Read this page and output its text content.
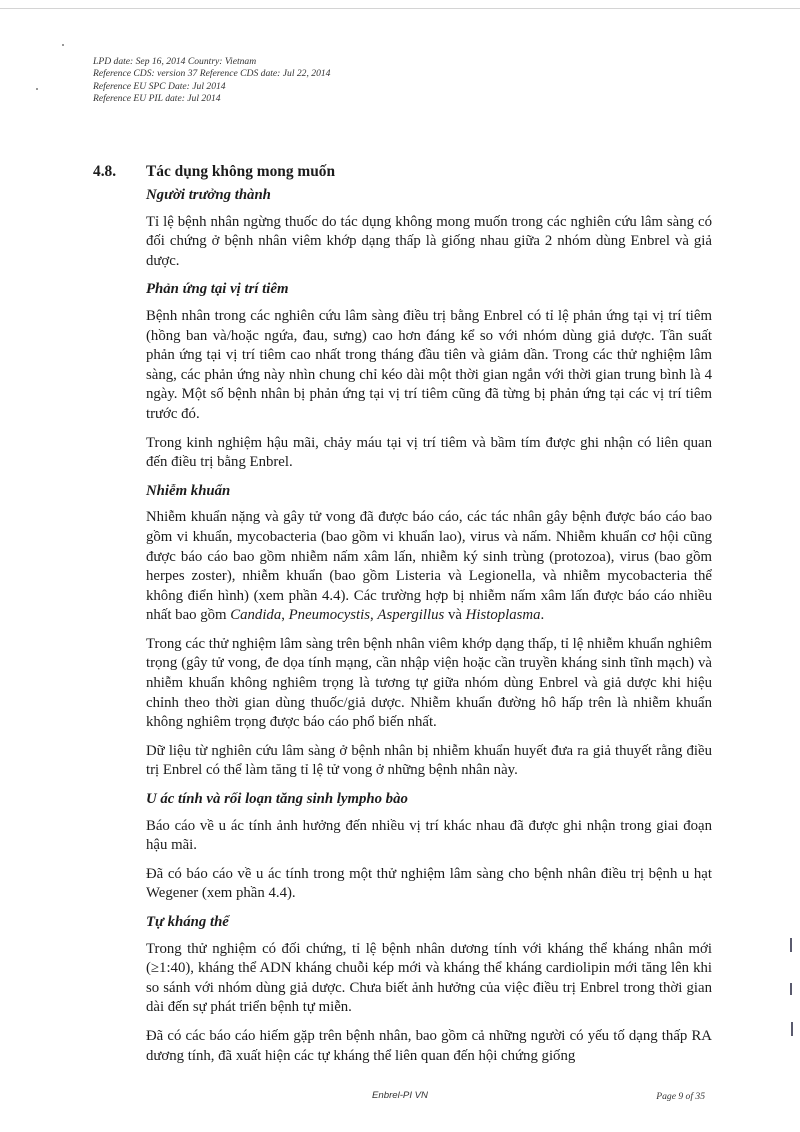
LPD date: Sep 16, 2014 Country: Vietnam
Reference CDS: version 37 Reference CDS date: Jul 22, 2014
Reference EU SPC Date: Jul 2014
Reference EU PIL date: Jul 2014
4.8. Tác dụng không mong muốn
Người trưởng thành
Tỉ lệ bệnh nhân ngừng thuốc do tác dụng không mong muốn trong các nghiên cứu lâm sàng có đối chứng ở bệnh nhân viêm khớp dạng thấp là giống nhau giữa 2 nhóm dùng Enbrel và giả dược.
Phản ứng tại vị trí tiêm
Bệnh nhân trong các nghiên cứu lâm sàng điều trị bằng Enbrel có tỉ lệ phản ứng tại vị trí tiêm (hồng ban và/hoặc ngứa, đau, sưng) cao hơn đáng kể so với nhóm dùng giả dược. Tần suất phản ứng tại vị trí tiêm cao nhất trong tháng đầu tiên và giảm dần. Trong các thử nghiệm lâm sàng, các phản ứng này nhìn chung chỉ kéo dài một thời gian ngắn với thời gian trung bình là 4 ngày. Một số bệnh nhân bị phản ứng tại vị trí tiêm cũng đã từng bị phản ứng tại các vị trí tiêm trước đó.
Trong kinh nghiệm hậu mãi, chảy máu tại vị trí tiêm và bầm tím được ghi nhận có liên quan đến điều trị bằng Enbrel.
Nhiễm khuẩn
Nhiễm khuẩn nặng và gây tử vong đã được báo cáo, các tác nhân gây bệnh được báo cáo bao gồm vi khuẩn, mycobacteria (bao gồm vi khuẩn lao), virus và nấm. Nhiễm khuẩn cơ hội cũng được báo cáo bao gồm nhiễm nấm xâm lấn, nhiễm ký sinh trùng (protozoa), virus (bao gồm herpes zoster), nhiễm khuẩn (bao gồm Listeria và Legionella, và nhiễm mycobacteria thể không điển hình) (xem phần 4.4). Các trường hợp bị nhiễm nấm xâm lấn được báo cáo nhiều nhất bao gồm Candida, Pneumocystis, Aspergillus và Histoplasma.
Trong các thử nghiệm lâm sàng trên bệnh nhân viêm khớp dạng thấp, tỉ lệ nhiễm khuẩn nghiêm trọng (gây tử vong, đe dọa tính mạng, cần nhập viện hoặc cần truyền kháng sinh tĩnh mạch) và nhiễm khuẩn không nghiêm trọng là tương tự giữa nhóm dùng Enbrel và giả dược khi hiệu chỉnh theo thời gian dùng thuốc/giả dược. Nhiễm khuẩn đường hô hấp trên là nhiễm khuẩn không nghiêm trọng được báo cáo phổ biến nhất.
Dữ liệu từ nghiên cứu lâm sàng ở bệnh nhân bị nhiễm khuẩn huyết đưa ra giả thuyết rằng điều trị Enbrel có thể làm tăng tỉ lệ tử vong ở những bệnh nhân này.
U ác tính và rối loạn tăng sinh lympho bào
Báo cáo về u ác tính ảnh hưởng đến nhiều vị trí khác nhau đã được ghi nhận trong giai đoạn hậu mãi.
Đã có báo cáo về u ác tính trong một thử nghiệm lâm sàng cho bệnh nhân điều trị bệnh u hạt Wegener (xem phần 4.4).
Tự kháng thể
Trong thử nghiệm có đối chứng, tỉ lệ bệnh nhân dương tính với kháng thể kháng nhân mới (≥1:40), kháng thể ADN kháng chuỗi kép mới và kháng thể kháng cardiolipin mới tăng lên khi so sánh với nhóm dùng giả dược. Chưa biết ảnh hưởng của việc điều trị Enbrel trong thời gian dài đến sự phát triển bệnh tự miễn.
Đã có các báo cáo hiếm gặp trên bệnh nhân, bao gồm cả những người có yếu tố dạng thấp RA dương tính, đã xuất hiện các tự kháng thể liên quan đến hội chứng giống
Enbrel-PI VN	Page 9 of 35
